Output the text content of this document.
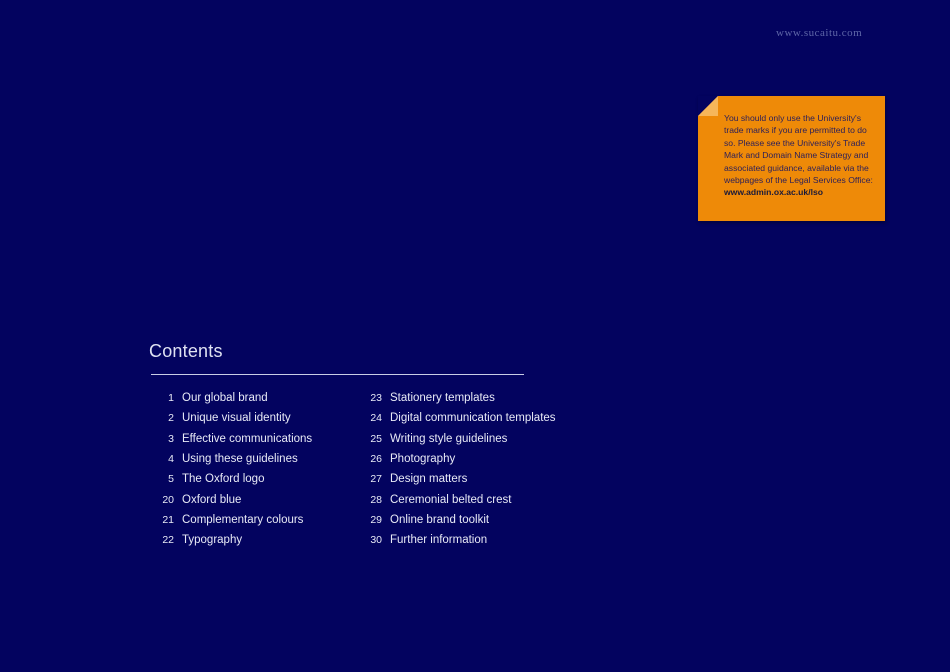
www.sucaitu.com
You should only use the University's trade marks if you are permitted to do so. Please see the University's Trade Mark and Domain Name Strategy and associated guidance, available via the webpages of the Legal Services Office:
www.admin.ox.ac.uk/lso
Contents
1 Our global brand
2 Unique visual identity
3 Effective communications
4 Using these guidelines
5 The Oxford logo
20 Oxford blue
21 Complementary colours
22 Typography
23 Stationery templates
24 Digital communication templates
25 Writing style guidelines
26 Photography
27 Design matters
28 Ceremonial belted crest
29 Online brand toolkit
30 Further information
